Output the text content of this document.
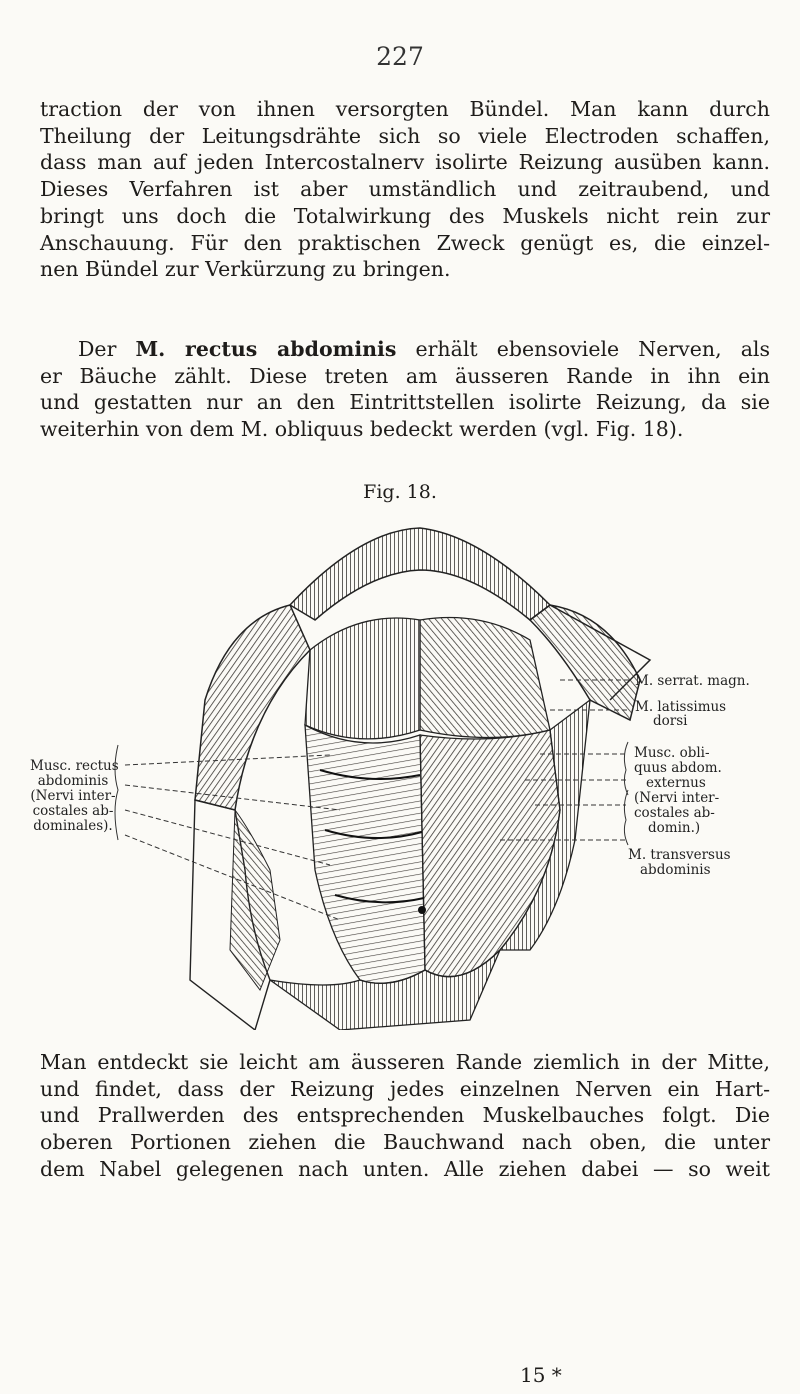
227

traction der von ihnen versorgten Bündel. Man kann durch
Theilung der Leitungsdrähte sich so viele Electroden schaffen,
dass man auf jeden Intercostalnerv isolirte Reizung ausüben kann.
Dieses Verfahren ist aber umständlich und zeitraubend, und
bringt uns doch die Totalwirkung des Muskels nicht rein zur
Anschauung. Für den praktischen Zweck genügt es, die einzel-
nen Bündel zur Verkürzung zu bringen.

Der M. rectus abdominis erhält ebensoviele Nerven, als
er Bäuche zählt. Diese treten am äusseren Rande in ihn ein
und gestatten nur an den Eintrittstellen isolirte Reizung, da sie
weiterhin von dem M. obliquus bedeckt werden (vgl. Fig. 18).

Fig. 18.
M. serrat. magn.
M. latissimus
dorsi
Musc. obli-
quus abdom.
externus
(Nervi inter-
costales ab-
domin.)
M. transversus
abdominis
Musc. rectus
abdominis
(Nervi inter-
costales ab-
dominales).

Man entdeckt sie leicht am äusseren Rande ziemlich in der Mitte,
und findet, dass der Reizung jedes einzelnen Nerven ein Hart-
und Prallwerden des entsprechenden Muskelbauches folgt. Die
oberen Portionen ziehen die Bauchwand nach oben, die unter
dem Nabel gelegenen nach unten. Alle ziehen dabei — so weit

15 *
